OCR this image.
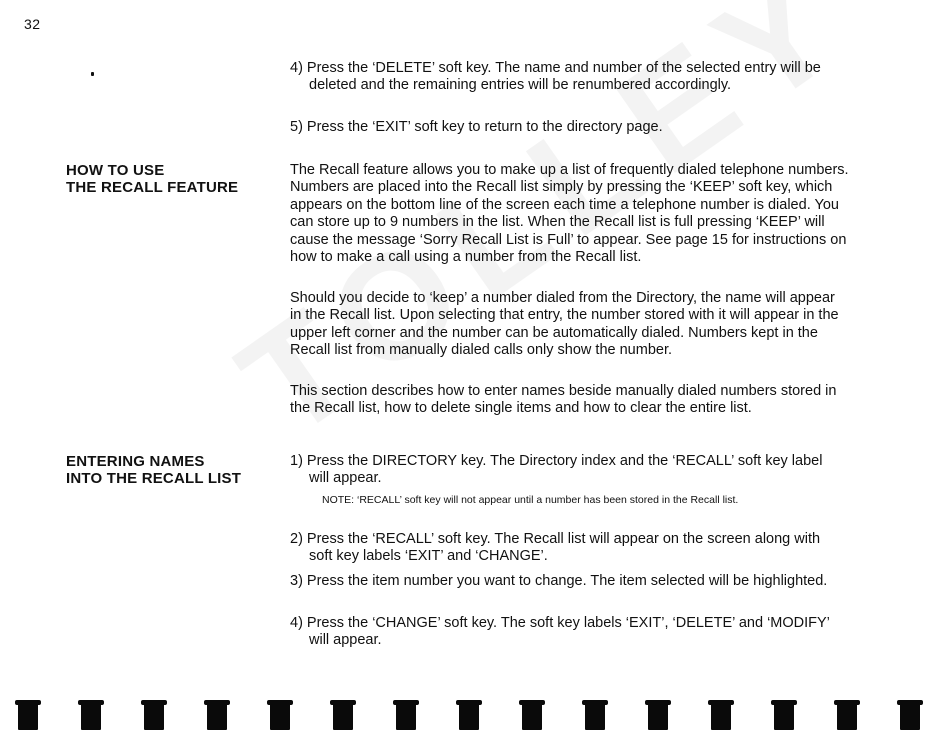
32
4) Press the ‘DELETE’ soft key. The name and number of the selected entry will be deleted and the remaining entries will be renumbered accordingly.
5) Press the ‘EXIT’ soft key to return to the directory page.
HOW TO USE
THE RECALL FEATURE

The Recall feature allows you to make up a list of frequently dialed telephone numbers. Numbers are placed into the Recall list simply by pressing the ‘KEEP’ soft key, which appears on the bottom line of the screen each time a telephone number is dialed. You can store up to 9 numbers in the list. When the Recall list is full pressing ‘KEEP’ will cause the message ‘Sorry Recall List is Full’ to appear. See page 15 for instructions on how to make a call using a number from the Recall list.

Should you decide to ‘keep’ a number dialed from the Directory, the name will appear in the Recall list. Upon selecting that entry, the number stored with it will appear in the upper left corner and the number can be automatically dialed. Numbers kept in the Recall list from manually dialed calls only show the number.

This section describes how to enter names beside manually dialed numbers stored in the Recall list, how to delete single items and how to clear the entire list.

ENTERING NAMES
INTO THE RECALL LIST
1) Press the DIRECTORY key. The Directory index and the ‘RECALL’ soft key label will appear.
NOTE: ‘RECALL’ soft key will not appear until a number has been stored in the Recall list.
2) Press the ‘RECALL’ soft key. The Recall list will appear on the screen along with soft key labels ‘EXIT’ and ‘CHANGE’.
3) Press the item number you want to change. The item selected will be highlighted.
4) Press the ‘CHANGE’ soft key. The soft key labels ‘EXIT’, ‘DELETE’ and ‘MODIFY’ will appear.
